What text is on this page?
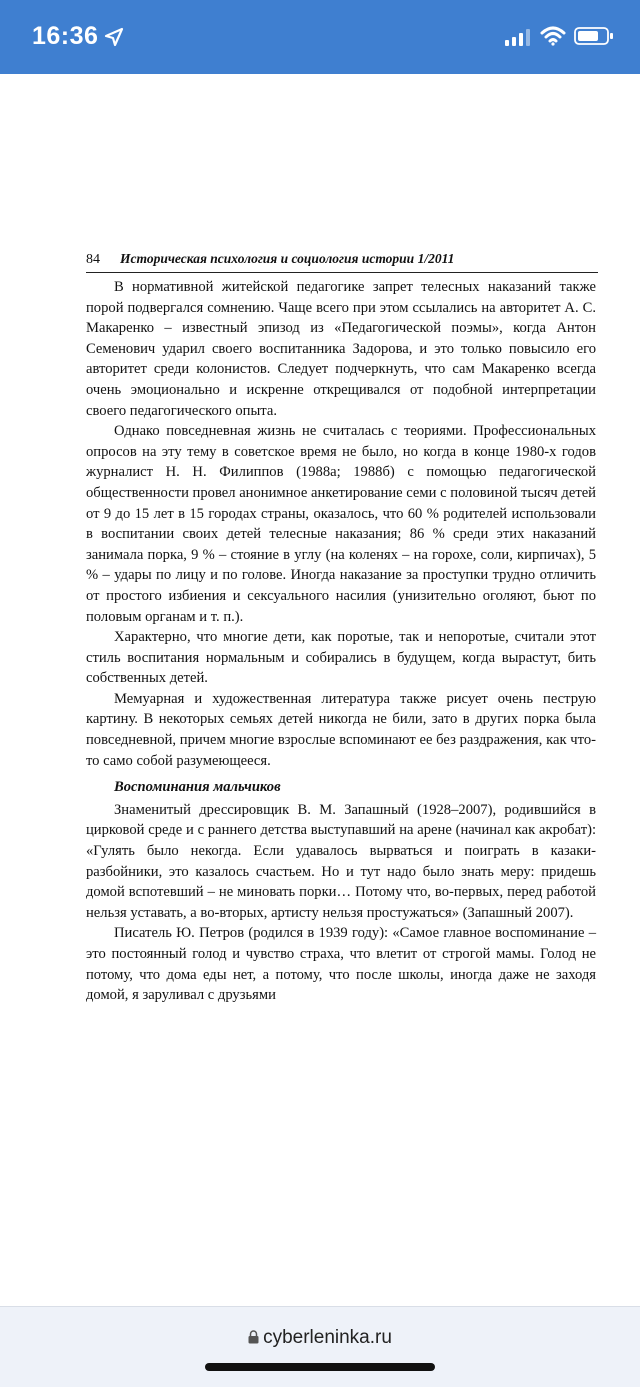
16:36
84 Историческая психология и социология истории 1/2011

В нормативной житейской педагогике запрет телесных наказаний также порой подвергался сомнению. Чаще всего при этом ссылались на авторитет А. С. Макаренко – известный эпизод из «Педагогической поэмы», когда Антон Семенович ударил своего воспитанника Задорова, и это только повысило его авторитет среди колонистов. Следует подчеркнуть, что сам Макаренко всегда очень эмоционально и искренне открещивался от подобной интерпретации своего педагогического опыта.

Однако повседневная жизнь не считалась с теориями. Профессиональных опросов на эту тему в советское время не было, но когда в конце 1980-х годов журналист Н. Н. Филиппов (1988а; 1988б) с помощью педагогической общественности провел анонимное анкетирование семи с половиной тысяч детей от 9 до 15 лет в 15 городах страны, оказалось, что 60 % родителей использовали в воспитании своих детей телесные наказания; 86 % среди этих наказаний занимала порка, 9 % – стояние в углу (на коленях – на горохе, соли, кирпичах), 5 % – удары по лицу и по голове. Иногда наказание за проступки трудно отличить от простого избиения и сексуального насилия (унизительно оголяют, бьют по половым органам и т. п.).

Характерно, что многие дети, как поротые, так и непоротые, считали этот стиль воспитания нормальным и собирались в будущем, когда вырастут, бить собственных детей.

Мемуарная и художественная литература также рисует очень пеструю картину. В некоторых семьях детей никогда не били, зато в других порка была повседневной, причем многие взрослые вспоминают ее без раздражения, как что-то само собой разумеющееся.

Воспоминания мальчиков

Знаменитый дрессировщик В. М. Запашный (1928–2007), родившийся в цирковой среде и с раннего детства выступавший на арене (начинал как акробат): «Гулять было некогда. Если удавалось вырваться и поиграть в казаки-разбойники, это казалось счастьем. Но и тут надо было знать меру: придешь домой вспотевший – не миновать порки… Потому что, во-первых, перед работой нельзя уставать, а во-вторых, артисту нельзя простужаться» (Запашный 2007).

Писатель Ю. Петров (родился в 1939 году): «Самое главное воспоминание – это постоянный голод и чувство страха, что влетит от строгой мамы. Голод не потому, что дома еды нет, а потому, что после школы, иногда даже не заходя домой, я заруливал с друзьями

cyberleninka.ru
